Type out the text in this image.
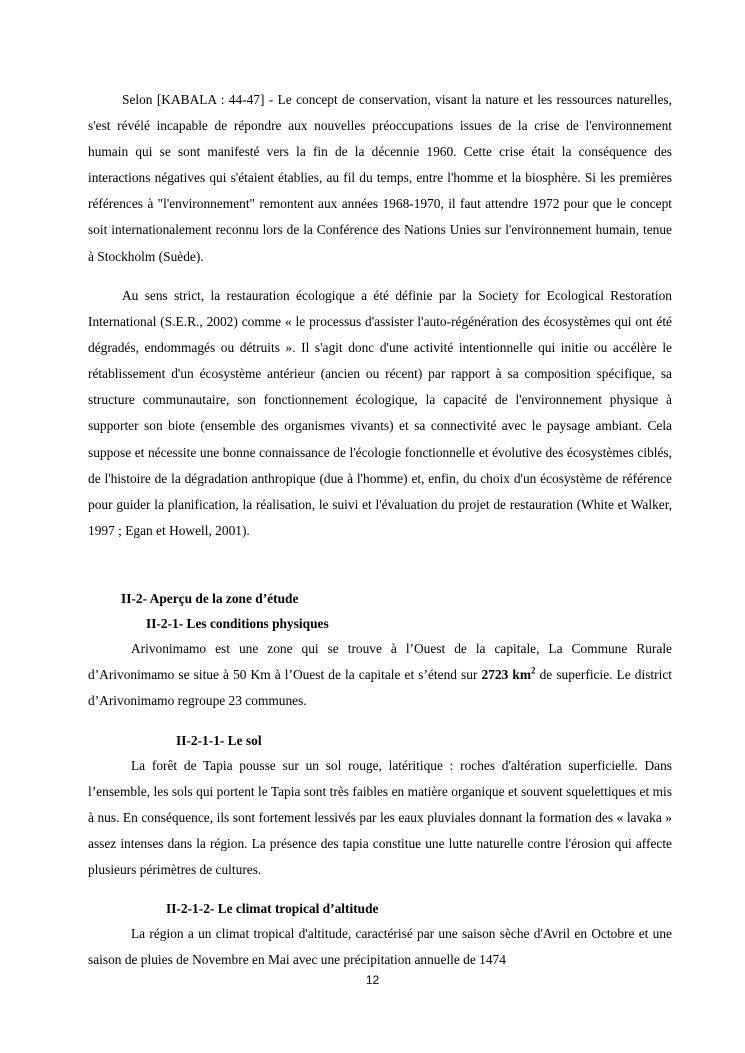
Selon [KABALA : 44-47] - Le concept de conservation, visant la nature et les ressources naturelles, s'est révélé incapable de répondre aux nouvelles préoccupations issues de la crise de l'environnement humain qui se sont manifesté vers la fin de la décennie 1960. Cette crise était la conséquence des interactions négatives qui s'étaient établies, au fil du temps, entre l'homme et la biosphère. Si les premières références à "l'environnement" remontent aux années 1968-1970, il faut attendre 1972 pour que le concept soit internationalement reconnu lors de la Conférence des Nations Unies sur l'environnement humain, tenue à Stockholm (Suède).

Au sens strict, la restauration écologique a été définie par la Society for Ecological Restoration International (S.E.R., 2002) comme « le processus d'assister l'auto-régénération des écosystèmes qui ont été dégradés, endommagés ou détruits ». Il s'agit donc d'une activité intentionnelle qui initie ou accélère le rétablissement d'un écosystème antérieur (ancien ou récent) par rapport à sa composition spécifique, sa structure communautaire, son fonctionnement écologique, la capacité de l'environnement physique à supporter son biote (ensemble des organismes vivants) et sa connectivité avec le paysage ambiant. Cela suppose et nécessite une bonne connaissance de l'écologie fonctionnelle et évolutive des écosystèmes ciblés, de l'histoire de la dégradation anthropique (due à l'homme) et, enfin, du choix d'un écosystème de référence pour guider la planification, la réalisation, le suivi et l'évaluation du projet de restauration (White et Walker, 1997 ; Egan et Howell, 2001).

II-2- Aperçu de la zone d’étude
II-2-1- Les conditions physiques

Arivonimamo est une zone qui se trouve à l’Ouest de la capitale, La Commune Rurale d’Arivonimamo se situe à 50 Km à l’Ouest de la capitale et s’étend sur 2723 $km^2$ de superficie. Le district d’Arivonimamo regroupe 23 communes.

II-2-1-1- Le sol

La forêt de Tapia pousse sur un sol rouge, latéritique : roches d'altération superficielle. Dans l’ensemble, les sols qui portent le Tapia sont très faibles en matière organique et souvent squelettiques et mis à nus. En conséquence, ils sont fortement lessivés par les eaux pluviales donnant la formation des « lavaka » assez intenses dans la région. La présence des tapia constitue une lutte naturelle contre l'érosion qui affecte plusieurs périmètres de cultures.

II-2-1-2- Le climat tropical d’altitude

La région a un climat tropical d'altitude, caractérisé par une saison sèche d'Avril en Octobre et une saison de pluies de Novembre en Mai avec une précipitation annuelle de 1474

12
